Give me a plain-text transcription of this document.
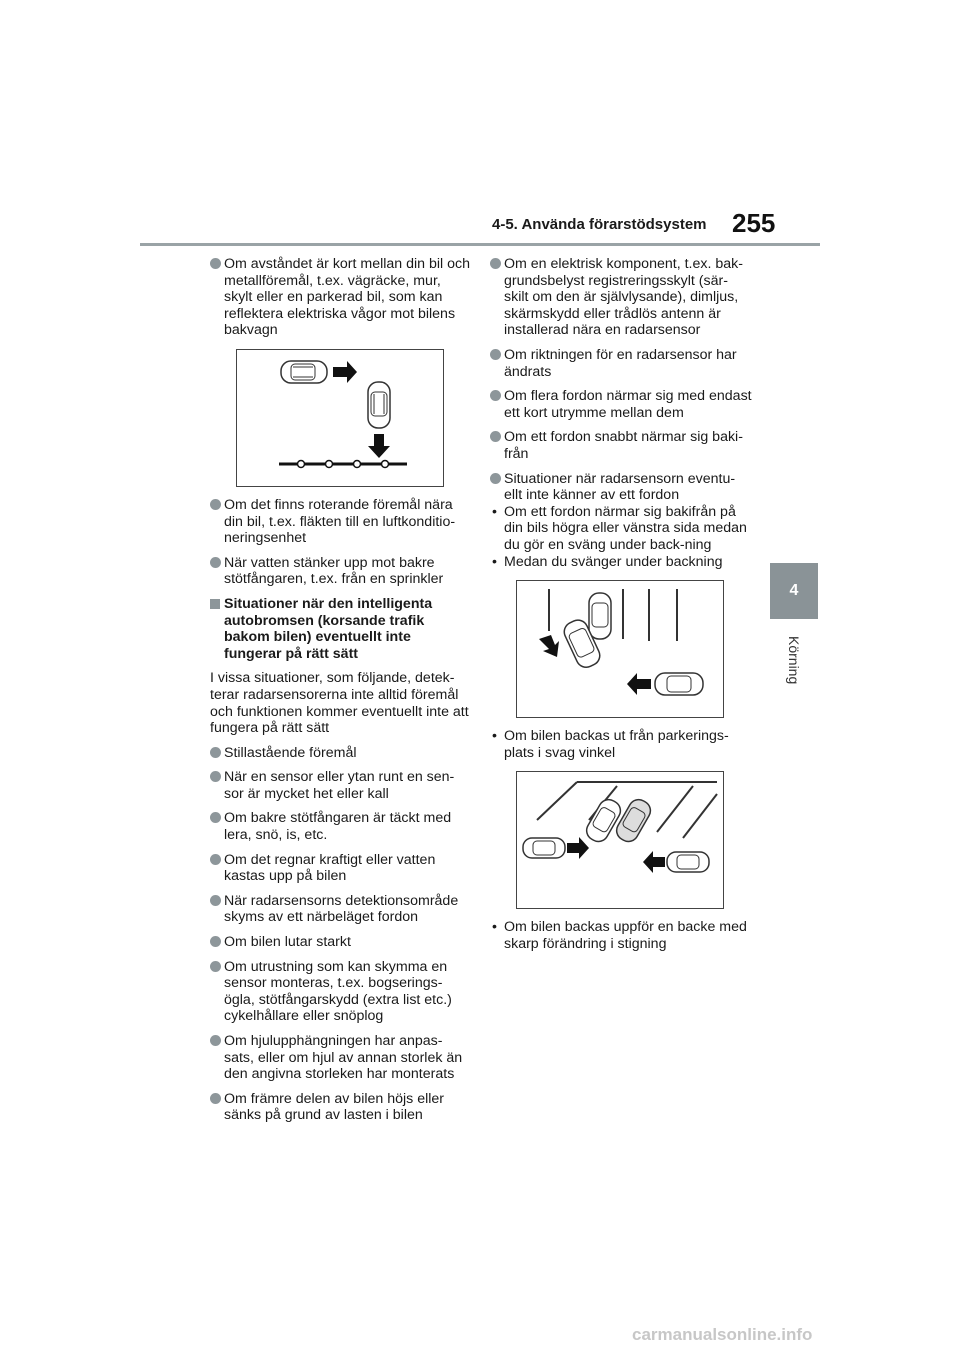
4-5. Använda förarstödsystem 255
4
Körning
Om avståndet är kort mellan din bil och metallföremål, t.ex. vägräcke, mur, skylt eller en parkerad bil, som kan reflektera elektriska vågor mot bilens bakvagn
Om det finns roterande föremål nära din bil, t.ex. fläkten till en luftkonditio-neringsenhet
När vatten stänker upp mot bakre stötfångaren, t.ex. från en sprinkler
Situationer när den intelligenta autobromsen (korsande trafik bakom bilen) eventuellt inte fungerar på rätt sätt
I vissa situationer, som följande, detek-terar radarsensorerna inte alltid föremål och funktionen kommer eventuellt inte att fungera på rätt sätt
Stillastående föremål
När en sensor eller ytan runt en sen-sor är mycket het eller kall
Om bakre stötfångaren är täckt med lera, snö, is, etc.
Om det regnar kraftigt eller vatten kastas upp på bilen
När radarsensorns detektionsområde skyms av ett närbeläget fordon
Om bilen lutar starkt
Om utrustning som kan skymma en sensor monteras, t.ex. bogserings-ögla, stötfångarskydd (extra list etc.) cykelhållare eller snöplog
Om hjulupphängningen har anpas-sats, eller om hjul av annan storlek än den angivna storleken har monterats
Om främre delen av bilen höjs eller sänks på grund av lasten i bilen
Om en elektrisk komponent, t.ex. bak-grundsbelyst registreringsskylt (sär-skilt om den är självlysande), dimljus, skärmskydd eller trådlös antenn är installerad nära en radarsensor
Om riktningen för en radarsensor har ändrats
Om flera fordon närmar sig med endast ett kort utrymme mellan dem
Om ett fordon snabbt närmar sig baki-från
Situationer när radarsensorn eventu-ellt inte känner av ett fordon
• Om ett fordon närmar sig bakifrån på din bils högra eller vänstra sida medan du gör en sväng under back-ning
• Medan du svänger under backning
• Om bilen backas ut från parkerings-plats i svag vinkel
• Om bilen backas uppför en backe med skarp förändring i stigning
carmanualsonline.info
